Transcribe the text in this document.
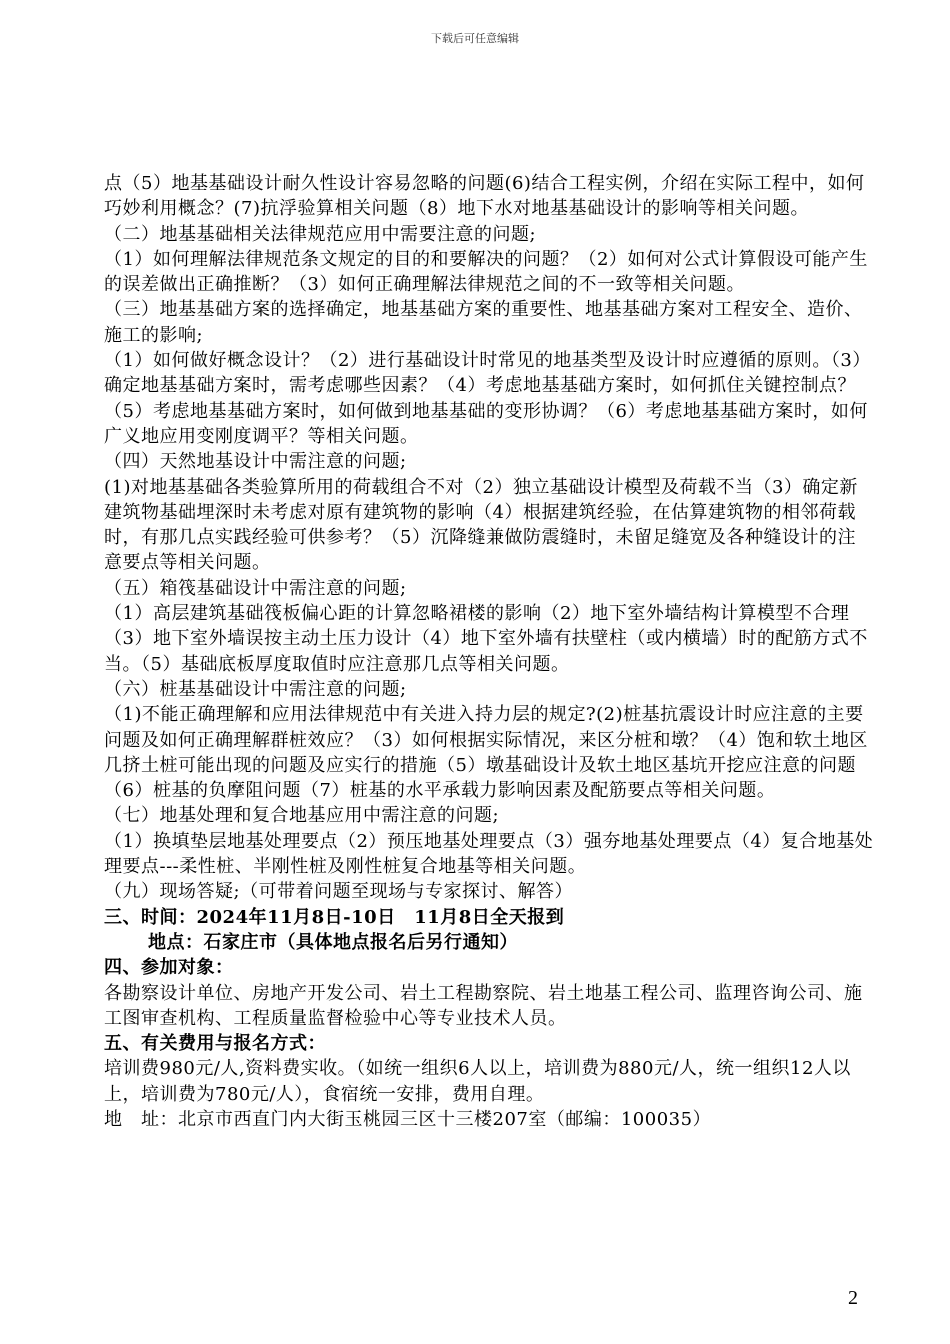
下载后可任意编辑

点（5）地基基础设计耐久性设计容易忽略的问题(6)结合工程实例，介绍在实际工程中，如何巧妙利用概念？(7)抗浮验算相关问题（8）地下水对地基基础设计的影响等相关问题。

（二）地基基础相关法律规范应用中需要注意的问题;

（1）如何理解法律规范条文规定的目的和要解决的问题？（2）如何对公式计算假设可能产生的误差做出正确推断？（3）如何正确理解法律规范之间的不一致等相关问题。

（三）地基基础方案的选择确定，地基基础方案的重要性、地基基础方案对工程安全、造价、施工的影响;

（1）如何做好概念设计？（2）进行基础设计时常见的地基类型及设计时应遵循的原则。（3）确定地基基础方案时，需考虑哪些因素？（4）考虑地基基础方案时，如何抓住关键控制点？（5）考虑地基基础方案时，如何做到地基基础的变形协调？（6）考虑地基基础方案时，如何广义地应用变刚度调平？等相关问题。

（四）天然地基设计中需注意的问题;

(1)对地基基础各类验算所用的荷载组合不对（2）独立基础设计模型及荷载不当（3）确定新建筑物基础埋深时未考虑对原有建筑物的影响（4）根据建筑经验，在估算建筑物的相邻荷载时，有那几点实践经验可供参考？（5）沉降缝兼做防震缝时，未留足缝宽及各种缝设计的注意要点等相关问题。

（五）箱筏基础设计中需注意的问题;

（1）高层建筑基础筏板偏心距的计算忽略裙楼的影响（2）地下室外墙结构计算模型不合理（3）地下室外墙误按主动土压力设计（4）地下室外墙有扶壁柱（或内横墙）时的配筋方式不当。（5）基础底板厚度取值时应注意那几点等相关问题。

（六）桩基基础设计中需注意的问题;

（1)不能正确理解和应用法律规范中有关进入持力层的规定?(2)桩基抗震设计时应注意的主要问题及如何正确理解群桩效应？（3）如何根据实际情况，来区分桩和墩？（4）饱和软土地区几挤土桩可能出现的问题及应实行的措施（5）墩基础设计及软土地区基坑开挖应注意的问题（6）桩基的负摩阻问题（7）桩基的水平承载力影响因素及配筋要点等相关问题。

（七）地基处理和复合地基应用中需注意的问题;

（1）换填垫层地基处理要点（2）预压地基处理要点（3）强夯地基处理要点（4）复合地基处理要点---柔性桩、半刚性桩及刚性桩复合地基等相关问题。

（九）现场答疑;（可带着问题至现场与专家探讨、解答）

三、时间：2024年11月8日-10日　11月8日全天报到

地点：石家庄市（具体地点报名后另行通知）

四、参加对象：

各勘察设计单位、房地产开发公司、岩土工程勘察院、岩土地基工程公司、监理咨询公司、施工图审查机构、工程质量监督检验中心等专业技术人员。

五、有关费用与报名方式：

培训费980元/人,资料费实收。（如统一组织6人以上，培训费为880元/人，统一组织12人以上，培训费为780元/人），食宿统一安排，费用自理。

地　址：北京市西直门内大街玉桃园三区十三楼207室（邮编：100035）

2
